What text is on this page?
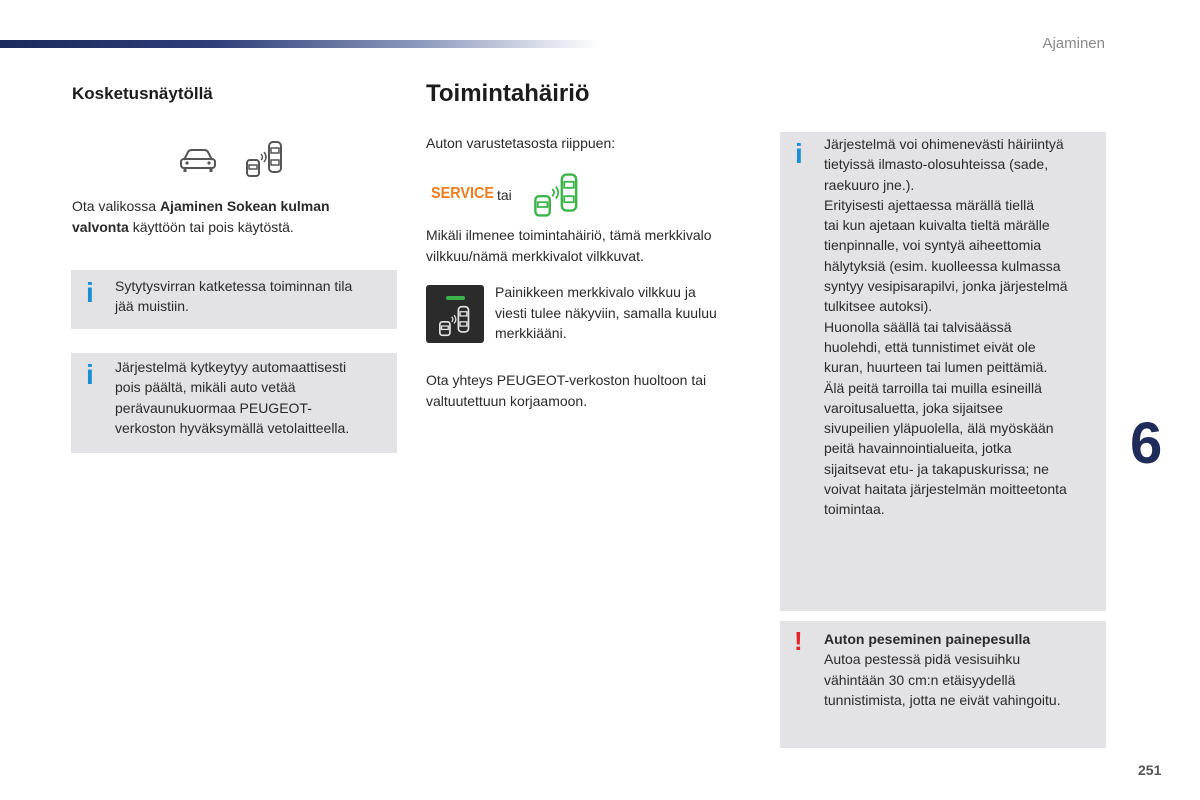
Ajaminen
Kosketusnäytöllä
Ota valikossa Ajaminen Sokean kulman
valvonta käyttöön tai pois käytöstä.
i Sytytysvirran katketessa toiminnan tila
jää muistiin.
i Järjestelmä kytkeytyy automaattisesti
pois päältä, mikäli auto vetää
perävaunukuormaa PEUGEOT-
verkoston hyväksymällä vetolaitteella.
Toimintahäiriö
Auton varustetasosta riippuen:
SERVICE tai
Mikäli ilmenee toimintahäiriö, tämä merkkivalo
vilkkuu/nämä merkkivalot vilkkuvat.
Painikkeen merkkivalo vilkkuu ja
viesti tulee näkyviin, samalla kuuluu
merkkiääni.
Ota yhteys PEUGEOT-verkoston huoltoon tai
valtuutettuun korjaamoon.
i Järjestelmä voi ohimenevästi häiriintyä
tietyissä ilmasto-olosuhteissa (sade,
raekuuro jne.).
Erityisesti ajettaessa märällä tiellä
tai kun ajetaan kuivalta tieltä märälle
tienpinnalle, voi syntyä aiheettomia
hälytyksiä (esim. kuolleessa kulmassa
syntyy vesipisarapilvi, jonka järjestelmä
tulkitsee autoksi).
Huonolla säällä tai talvisäässä
huolehdi, että tunnistimet eivät ole
kuran, huurteen tai lumen peittämiä.
Älä peitä tarroilla tai muilla esineillä
varoitusaluetta, joka sijaitsee
sivupeilien yläpuolella, älä myöskään
peitä havainnointialueita, jotka
sijaitsevat etu- ja takapuskurissa; ne
voivat haitata järjestelmän moitteetonta
toimintaa.
! Auton peseminen painepesulla
Autoa pestessä pidä vesisuihku
vähintään 30 cm:n etäisyydellä
tunnistimista, jotta ne eivät vahingoitu.
6
251
